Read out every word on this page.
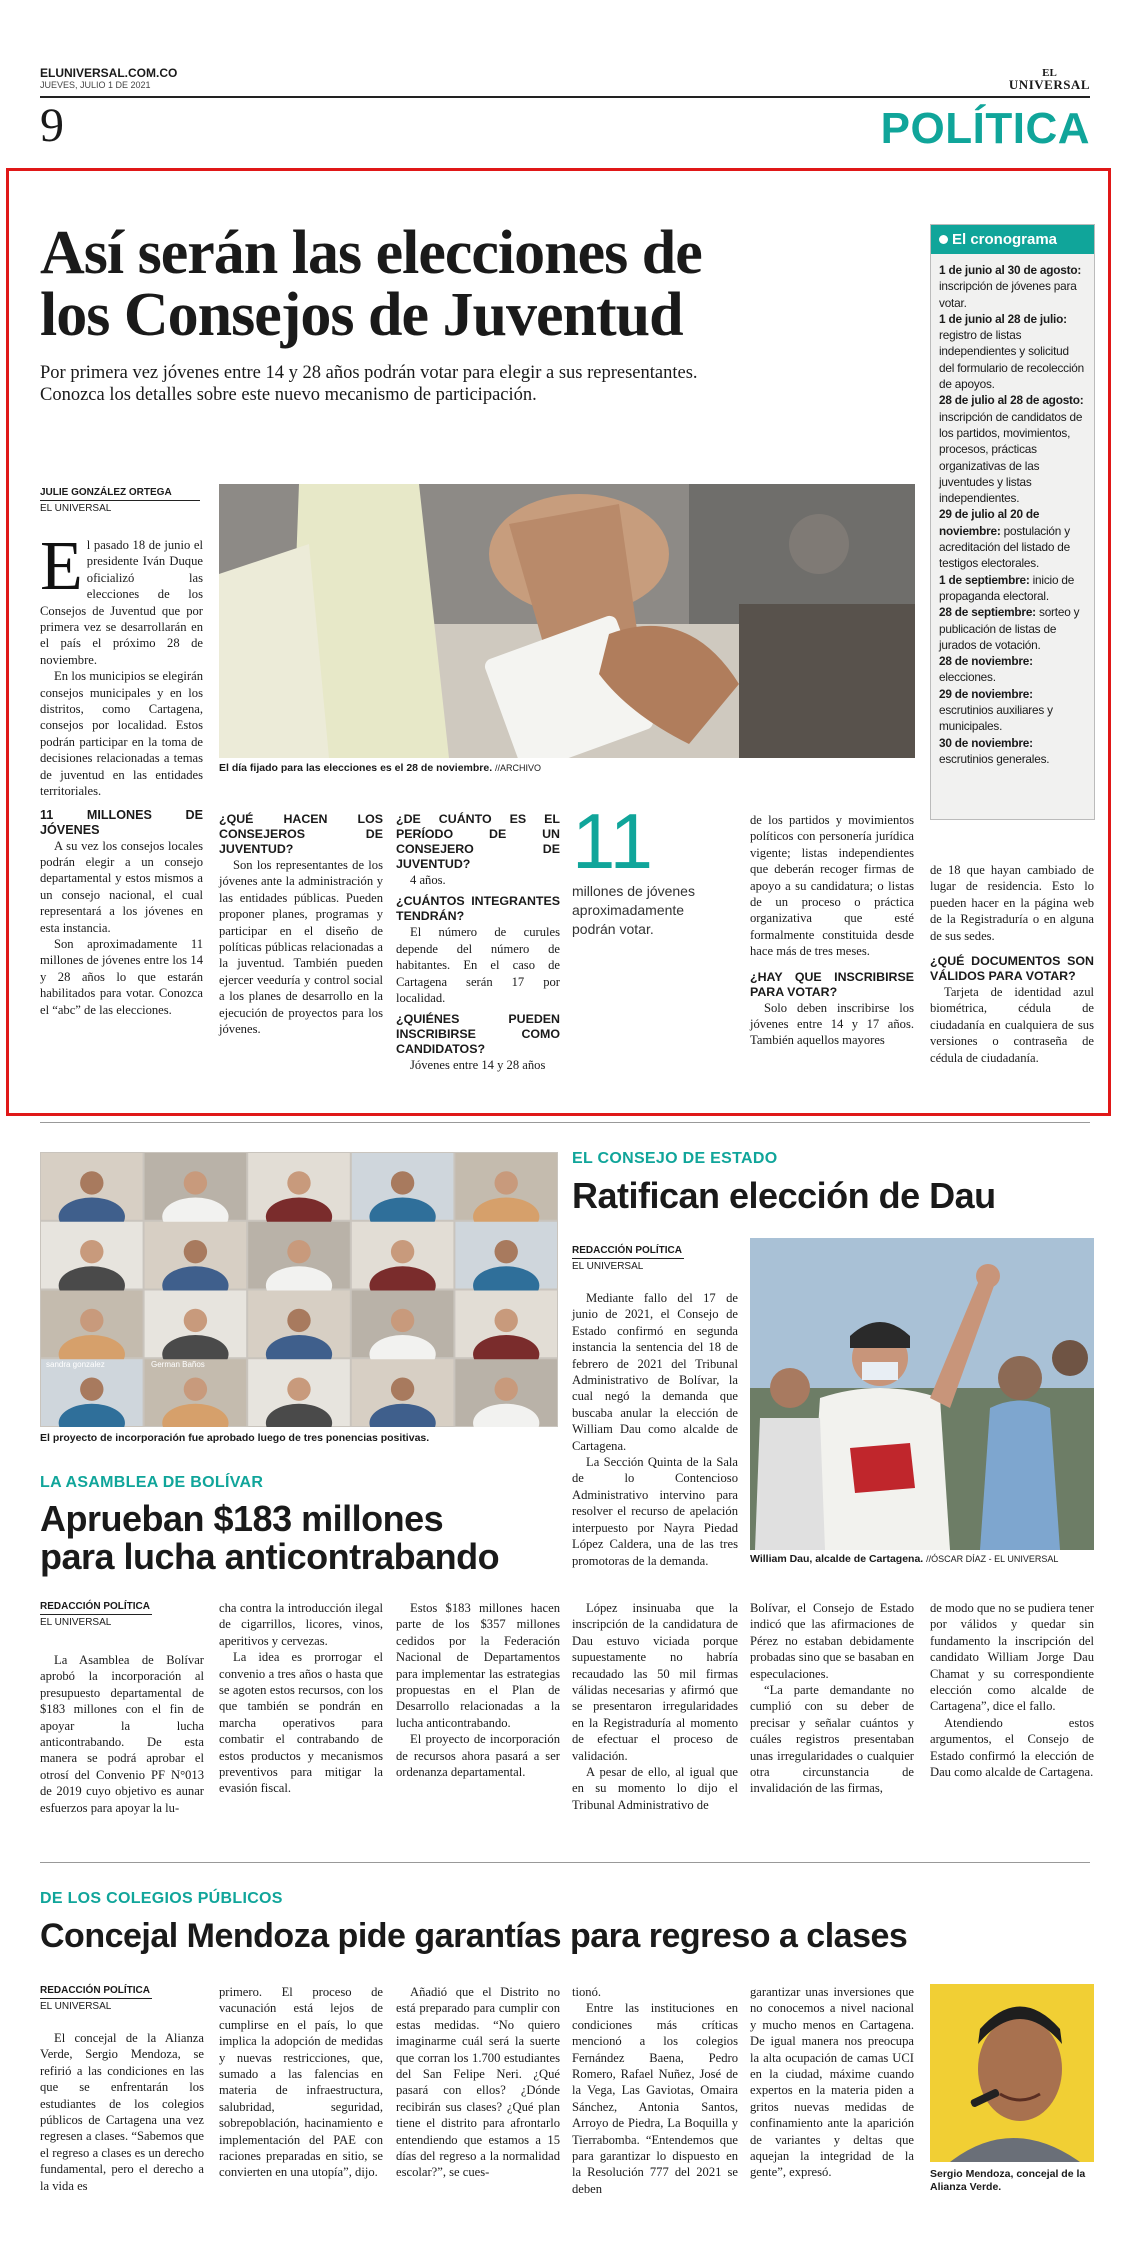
ELUNIVERSAL.COM.CO
JUEVES, JULIO 1 DE 2021
EL
UNIVERSAL
9	POLÍTICA
Así serán las elecciones de
los Consejos de Juventud
Por primera vez jóvenes entre 14 y 28 años podrán votar para elegir a sus representantes.
Conozca los detalles sobre este nuevo mecanismo de participación.
JULIE GONZÁLEZ ORTEGA
EL UNIVERSAL

El pasado 18 de junio el presidente Iván Duque oficializó las elecciones de los Consejos de Juventud que por primera vez se desarrollarán en el país el próximo 28 de noviembre.

En los municipios se elegirán consejos municipales y en los distritos, como Cartagena, consejos por localidad. Estos podrán participar en la toma de decisiones relacionadas a temas de juventud en las entidades territoriales.

11 MILLONES DE JÓVENES

A su vez los consejos locales podrán elegir a un consejo departamental y estos mismos a un consejo nacional, el cual representará a los jóvenes en esta instancia.

Son aproximadamente 11 millones de jóvenes entre los 14 y 28 años lo que estarán habilitados para votar. Conozca el “abc” de las elecciones.

El día fijado para las elecciones es el 28 de noviembre. //ARCHIVO
¿QUÉ HACEN LOS CONSEJEROS DE JUVENTUD?

Son los representantes de los jóvenes ante la administración y las entidades públicas. Pueden proponer planes, programas y participar en el diseño de políticas públicas relacionadas a la juventud. También pueden ejercer veeduría y control social a los planes de desarrollo en la ejecución de proyectos para los jóvenes.

¿DE CUÁNTO ES EL PERÍODO DE UN CONSEJERO DE JUVENTUD?

4 años.

¿CUÁNTOS INTEGRANTES TENDRÁN?

El número de curules depende del número de habitantes. En el caso de Cartagena serán 17 por localidad.

¿QUIÉNES PUEDEN INSCRIBIRSE COMO CANDIDATOS?

Jóvenes entre 14 y 28 años

11
millones de jóvenes aproximadamente podrán votar.

de los partidos y movimientos políticos con personería jurídica vigente; listas independientes que deberán recoger firmas de apoyo a su candidatura; o listas de un proceso o práctica organizativa que esté formalmente constituida desde hace más de tres meses.

¿HAY QUE INSCRIBIRSE PARA VOTAR?

Solo deben inscribirse los jóvenes entre 14 y 17 años. También aquellos mayores

de 18 que hayan cambiado de lugar de residencia. Esto lo pueden hacer en la página web de la Registraduría o en alguna de sus sedes.

¿QUÉ DOCUMENTOS SON VÁLIDOS PARA VOTAR?

Tarjeta de identidad azul biométrica, cédula de ciudadanía en cualquiera de sus versiones o contraseña de cédula de ciudadanía.

El cronograma
1 de junio al 30 de agosto: inscripción de jóvenes para votar.
1 de junio al 28 de julio: registro de listas independientes y solicitud del formulario de recolección de apoyos.
28 de julio al 28 de agosto: inscripción de candidatos de los partidos, movimientos, procesos, prácticas organizativas de las juventudes y listas independientes.
29 de julio al 20 de noviembre: postulación y acreditación del listado de testigos electorales.
1 de septiembre: inicio de propaganda electoral.
28 de septiembre: sorteo y publicación de listas de jurados de votación.
28 de noviembre: elecciones.
29 de noviembre: escrutinios auxiliares y municipales.
30 de noviembre: escrutinios generales.
sandra gonzalez	German Baños
El proyecto de incorporación fue aprobado luego de tres ponencias positivas.
LA ASAMBLEA DE BOLÍVAR
Aprueban $183 millones
para lucha anticontrabando
REDACCIÓN POLÍTICA
EL UNIVERSAL

La Asamblea de Bolívar aprobó la incorporación al presupuesto departamental de $183 millones con el fin de apoyar la lucha anticontrabando. De esta manera se podrá aprobar el otrosí del Convenio PF N°013 de 2019 cuyo objetivo es aunar esfuerzos para apoyar la lu-

cha contra la introducción ilegal de cigarrillos, licores, vinos, aperitivos y cervezas.

La idea es prorrogar el convenio a tres años o hasta que se agoten estos recursos, con los que también se pondrán en marcha operativos para combatir el contrabando de estos productos y mecanismos preventivos para mitigar la evasión fiscal.

Estos $183 millones hacen parte de los $357 millones cedidos por la Federación Nacional de Departamentos para implementar las estrategias propuestas en el Plan de Desarrollo relacionadas a la lucha anticontrabando.

El proyecto de incorporación de recursos ahora pasará a ser ordenanza departamental.

EL CONSEJO DE ESTADO
Ratifican elección de Dau
REDACCIÓN POLÍTICA
EL UNIVERSAL

Mediante fallo del 17 de junio de 2021, el Consejo de Estado confirmó en segunda instancia la sentencia del 18 de febrero de 2021 del Tribunal Administrativo de Bolívar, la cual negó la demanda que buscaba anular la elección de William Dau como alcalde de Cartagena.

La Sección Quinta de la Sala de lo Contencioso Administrativo intervino para resolver el recurso de apelación interpuesto por Nayra Piedad López Caldera, una de las tres promotoras de la demanda.	William Dau, alcalde de Cartagena. //ÓSCAR DÍAZ - EL UNIVERSAL

López insinuaba que la inscripción de la candidatura de Dau estuvo viciada porque supuestamente no habría recaudado las 50 mil firmas válidas necesarias y afirmó que se presentaron irregularidades en la Registraduría al momento de efectuar el proceso de validación.

A pesar de ello, al igual que en su momento lo dijo el Tribunal Administrativo de

Bolívar, el Consejo de Estado indicó que las afirmaciones de Pérez no estaban debidamente probadas sino que se basaban en especulaciones.

“La parte demandante no cumplió con su deber de precisar y señalar cuántos y cuáles registros presentaban unas irregularidades o cualquier otra circunstancia de invalidación de las firmas,

de modo que no se pudiera tener por válidos y quedar sin fundamento la inscripción del candidato William Jorge Dau Chamat y su correspondiente elección como alcalde de Cartagena”, dice el fallo.

Atendiendo estos argumentos, el Consejo de Estado confirmó la elección de Dau como alcalde de Cartagena.

DE LOS COLEGIOS PÚBLICOS
Concejal Mendoza pide garantías para regreso a clases
REDACCIÓN POLÍTICA
EL UNIVERSAL

El concejal de la Alianza Verde, Sergio Mendoza, se refirió a las condiciones en las que se enfrentarán los estudiantes de los colegios públicos de Cartagena una vez regresen a clases. “Sabemos que el regreso a clases es un derecho fundamental, pero el derecho a la vida es

primero. El proceso de vacunación está lejos de cumplirse en el país, lo que implica la adopción de medidas y nuevas restricciones, que, sumado a las falencias en materia de infraestructura, salubridad, seguridad, sobrepoblación, hacinamiento e implementación del PAE con raciones preparadas en sitio, se convierten en una utopía”, dijo.

Añadió que el Distrito no está preparado para cumplir con estas medidas. “No quiero imaginarme cuál será la suerte que corran los 1.700 estudiantes del San Felipe Neri. ¿Qué pasará con ellos? ¿Dónde recibirán sus clases? ¿Qué plan tiene el distrito para afrontarlo entendiendo que estamos a 15 días del regreso a la normalidad escolar?”, se cues-

tionó.

Entre las instituciones en condiciones más críticas mencionó a los colegios Fernández Baena, Pedro Romero, Rafael Nuñez, José de la Vega, Las Gaviotas, Omaira Sánchez, Antonia Santos, Arroyo de Piedra, La Boquilla y Tierrabomba. “Entendemos que para garantizar lo dispuesto en la Resolución 777 del 2021 se deben

garantizar unas inversiones que no conocemos a nivel nacional y mucho menos en Cartagena. De igual manera nos preocupa la alta ocupación de camas UCI en la ciudad, máxime cuando expertos en la materia piden a gritos nuevas medidas de confinamiento ante la aparición de variantes y deltas que aquejan la integridad de la gente”, expresó.	Sergio Mendoza, concejal de la Alianza Verde.
